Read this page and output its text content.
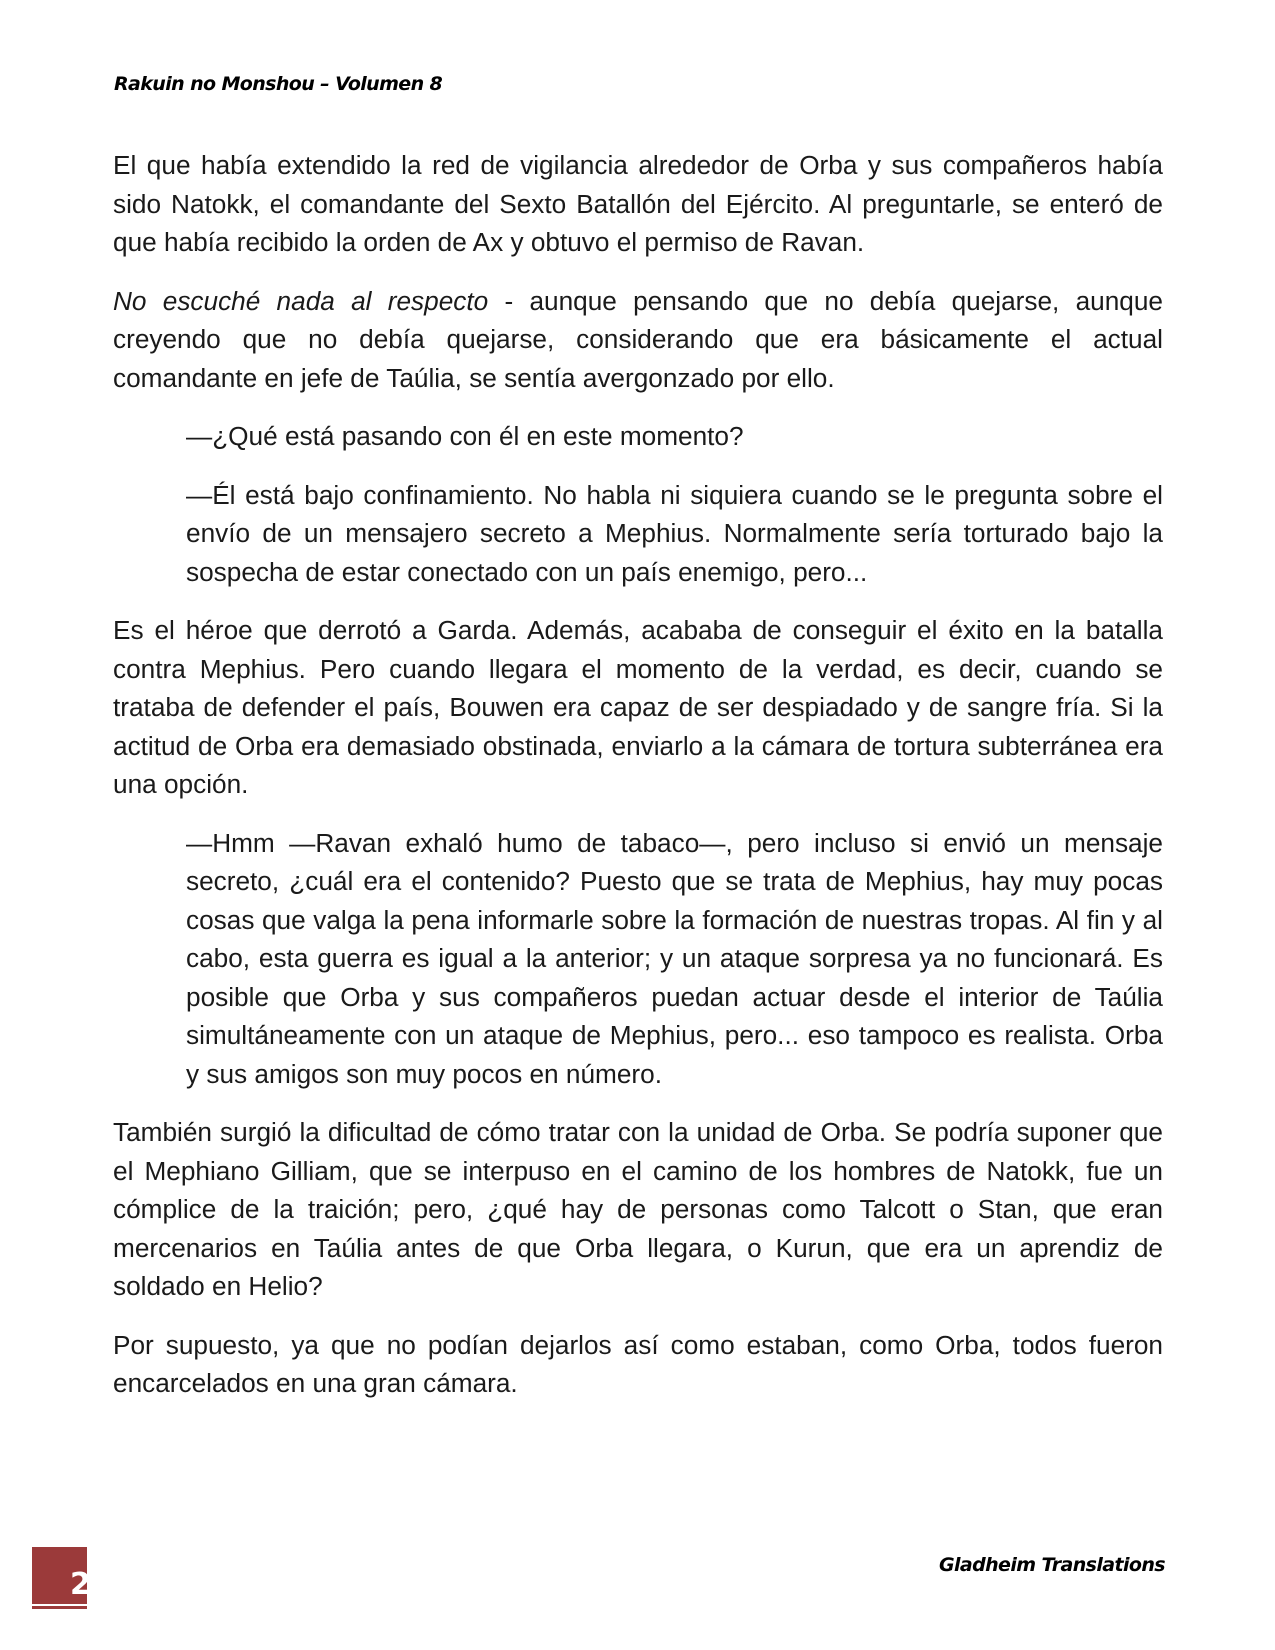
Rakuin no Monshou – Volumen 8

El que había extendido la red de vigilancia alrededor de Orba y sus compañeros había sido Natokk, el comandante del Sexto Batallón del Ejército. Al preguntarle, se enteró de que había recibido la orden de Ax y obtuvo el permiso de Ravan.

No escuché nada al respecto - aunque pensando que no debía quejarse, aunque creyendo que no debía quejarse, considerando que era básicamente el actual comandante en jefe de Taúlia, se sentía avergonzado por ello.

—¿Qué está pasando con él en este momento?

—Él está bajo confinamiento. No habla ni siquiera cuando se le pregunta sobre el envío de un mensajero secreto a Mephius. Normalmente sería torturado bajo la sospecha de estar conectado con un país enemigo, pero...

Es el héroe que derrotó a Garda. Además, acababa de conseguir el éxito en la batalla contra Mephius. Pero cuando llegara el momento de la verdad, es decir, cuando se trataba de defender el país, Bouwen era capaz de ser despiadado y de sangre fría. Si la actitud de Orba era demasiado obstinada, enviarlo a la cámara de tortura subterránea era una opción.

—Hmm —Ravan exhaló humo de tabaco—, pero incluso si envió un mensaje secreto, ¿cuál era el contenido? Puesto que se trata de Mephius, hay muy pocas cosas que valga la pena informarle sobre la formación de nuestras tropas. Al fin y al cabo, esta guerra es igual a la anterior; y un ataque sorpresa ya no funcionará. Es posible que Orba y sus compañeros puedan actuar desde el interior de Taúlia simultáneamente con un ataque de Mephius, pero... eso tampoco es realista. Orba y sus amigos son muy pocos en número.

También surgió la dificultad de cómo tratar con la unidad de Orba. Se podría suponer que el Mephiano Gilliam, que se interpuso en el camino de los hombres de Natokk, fue un cómplice de la traición; pero, ¿qué hay de personas como Talcott o Stan, que eran mercenarios en Taúlia antes de que Orba llegara, o Kurun, que era un aprendiz de soldado en Helio?

Por supuesto, ya que no podían dejarlos así como estaban, como Orba, todos fueron encarcelados en una gran cámara.

2
Gladheim Translations
